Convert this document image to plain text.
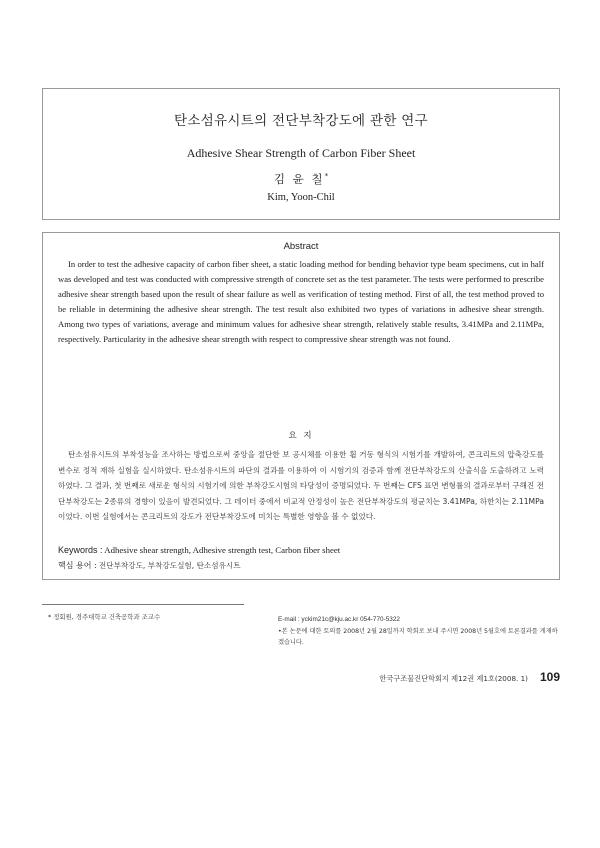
탄소섬유시트의 전단부착강도에 관한 연구
Adhesive Shear Strength of Carbon Fiber Sheet
김 윤 칠*
Kim, Yoon-Chil
Abstract
In order to test the adhesive capacity of carbon fiber sheet, a static loading method for bending behavior type beam specimens, cut in half was developed and test was conducted with compressive strength of concrete set as the test parameter. The tests were performed to prescribe adhesive shear strength based upon the result of shear failure as well as verification of testing method. First of all, the test method proved to be reliable in determining the adhesive shear strength. The test result also exhibited two types of variations in adhesive shear strength. Among two types of variations, average and minimum values for adhesive shear strength, relatively stable results, 3.41MPa and 2.11MPa, respectively. Particularity in the adhesive shear strength with respect to compressive shear strength was not found.
요 지
탄소섬유시트의 부착성능을 조사하는 방법으로써 중앙을 절단한 보 공시체를 이용한 휨 거동 형식의 시험기를 개발하여, 콘크리트의 압축강도를 변수로 정적 재하 실험을 실시하였다. 탄소섬유시트의 파단의 결과를 이용하여 이 시험기의 검증과 함께 전단부착강도의 산출식을 도출하려고 노력 하였다. 그 결과, 첫 번째로 새로운 형식의 시험기에 의한 부착강도시험의 타당성이 증명되었다. 두 번째는 CFS 표면 변형률의 결과로부터 구해진 전단부착강도는 2종류의 경향이 있음이 발견되었다. 그 데이터 중에서 비교적 안정성이 높은 전단부착강도의 평균치는 3.41MPa, 하한치는 2.11MPa이었다. 이번 실험에서는 콘크리트의 강도가 전단부착강도에 미치는 특별한 영향을 볼 수 없었다.
Keywords : Adhesive shear strength, Adhesive strength test, Carbon fiber sheet
핵심 용어 : 전단부착강도, 부착강도실험, 탄소섬유시트
* 정회원, 경주대학교 건축공학과 조교수	E-mail : yckim21c@kju.ac.kr 054-770-5322
•본 논문에 대한 토의를 2008년 2월 28일까지 학회로 보내 주시면 2008년 5월호에 토론결과를 게재하겠습니다.
한국구조물진단학회지 제12권 제1호(2008. 1) 109
